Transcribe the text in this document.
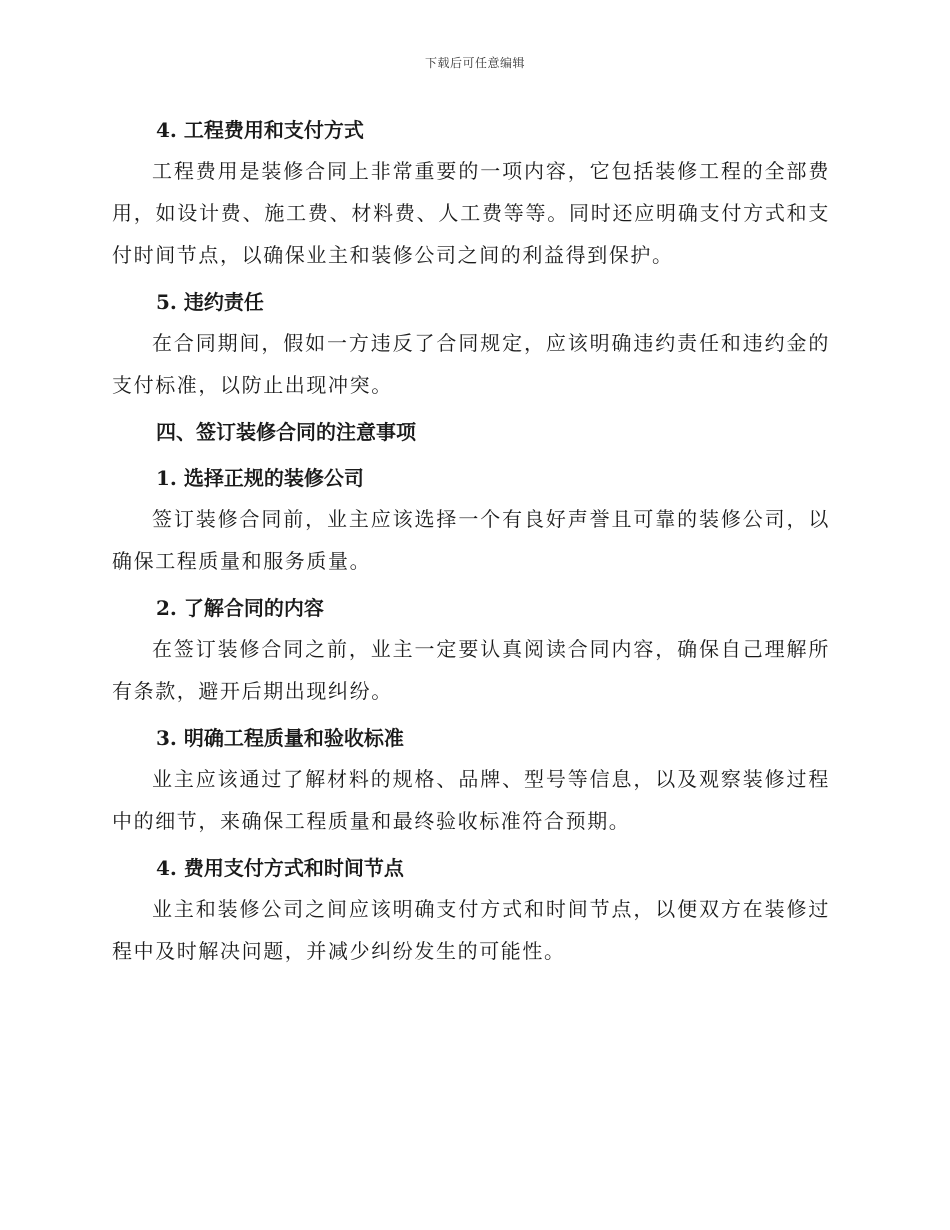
下载后可任意编辑

4. 工程费用和支付方式

工程费用是装修合同上非常重要的一项内容，它包括装修工程的全部费用，如设计费、施工费、材料费、人工费等等。同时还应明确支付方式和支付时间节点，以确保业主和装修公司之间的利益得到保护。

5. 违约责任

在合同期间，假如一方违反了合同规定，应该明确违约责任和违约金的支付标准，以防止出现冲突。

四、签订装修合同的注意事项

1. 选择正规的装修公司

签订装修合同前，业主应该选择一个有良好声誉且可靠的装修公司，以确保工程质量和服务质量。

2. 了解合同的内容

在签订装修合同之前，业主一定要认真阅读合同内容，确保自己理解所有条款，避开后期出现纠纷。

3. 明确工程质量和验收标准

业主应该通过了解材料的规格、品牌、型号等信息，以及观察装修过程中的细节，来确保工程质量和最终验收标准符合预期。

4. 费用支付方式和时间节点

业主和装修公司之间应该明确支付方式和时间节点，以便双方在装修过程中及时解决问题，并减少纠纷发生的可能性。
